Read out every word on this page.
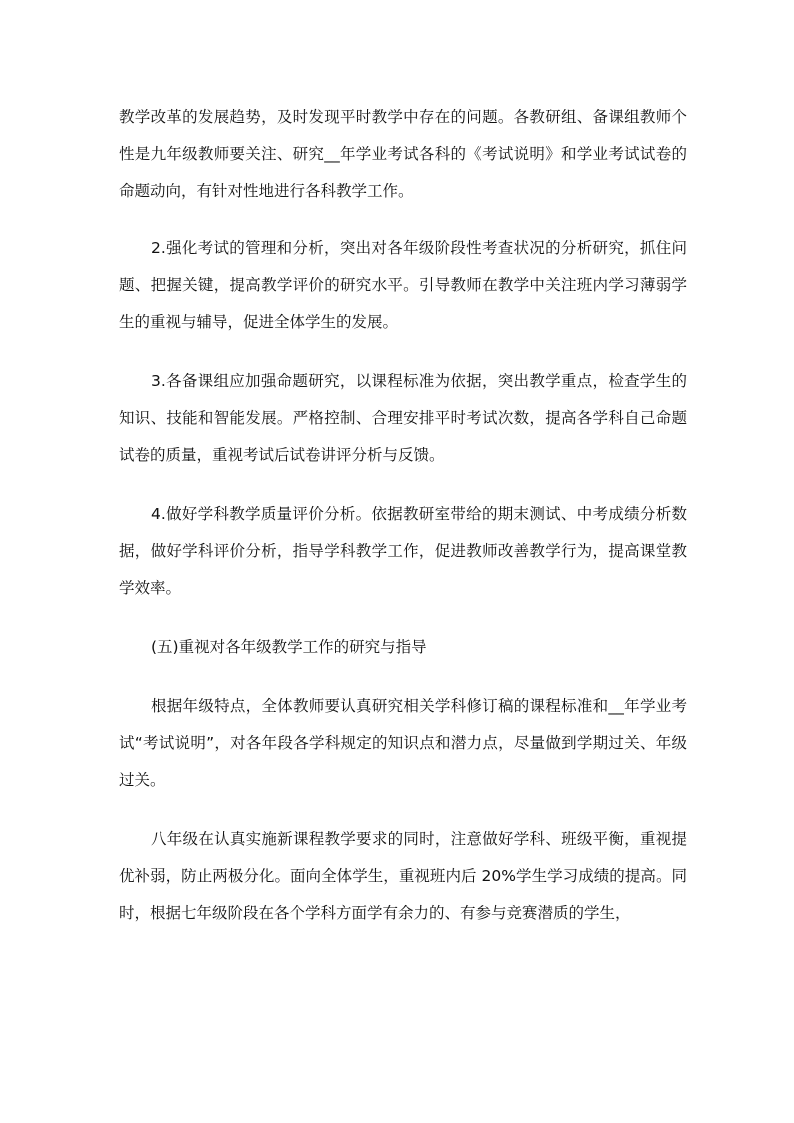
教学改革的发展趋势，及时发现平时教学中存在的问题。各教研组、备课组教师个性是九年级教师要关注、研究__年学业考试各科的《考试说明》和学业考试试卷的命题动向，有针对性地进行各科教学工作。

2.强化考试的管理和分析，突出对各年级阶段性考查状况的分析研究，抓住问题、把握关键，提高教学评价的研究水平。引导教师在教学中关注班内学习薄弱学生的重视与辅导，促进全体学生的发展。

3.各备课组应加强命题研究，以课程标准为依据，突出教学重点，检查学生的知识、技能和智能发展。严格控制、合理安排平时考试次数，提高各学科自己命题试卷的质量，重视考试后试卷讲评分析与反馈。

4.做好学科教学质量评价分析。依据教研室带给的期末测试、中考成绩分析数据，做好学科评价分析，指导学科教学工作，促进教师改善教学行为，提高课堂教学效率。

(五)重视对各年级教学工作的研究与指导

根据年级特点，全体教师要认真研究相关学科修订稿的课程标准和__年学业考试“考试说明”，对各年段各学科规定的知识点和潜力点，尽量做到学期过关、年级过关。

八年级在认真实施新课程教学要求的同时，注意做好学科、班级平衡，重视提优补弱，防止两极分化。面向全体学生，重视班内后 20%学生学习成绩的提高。同时，根据七年级阶段在各个学科方面学有余力的、有参与竞赛潜质的学生，
